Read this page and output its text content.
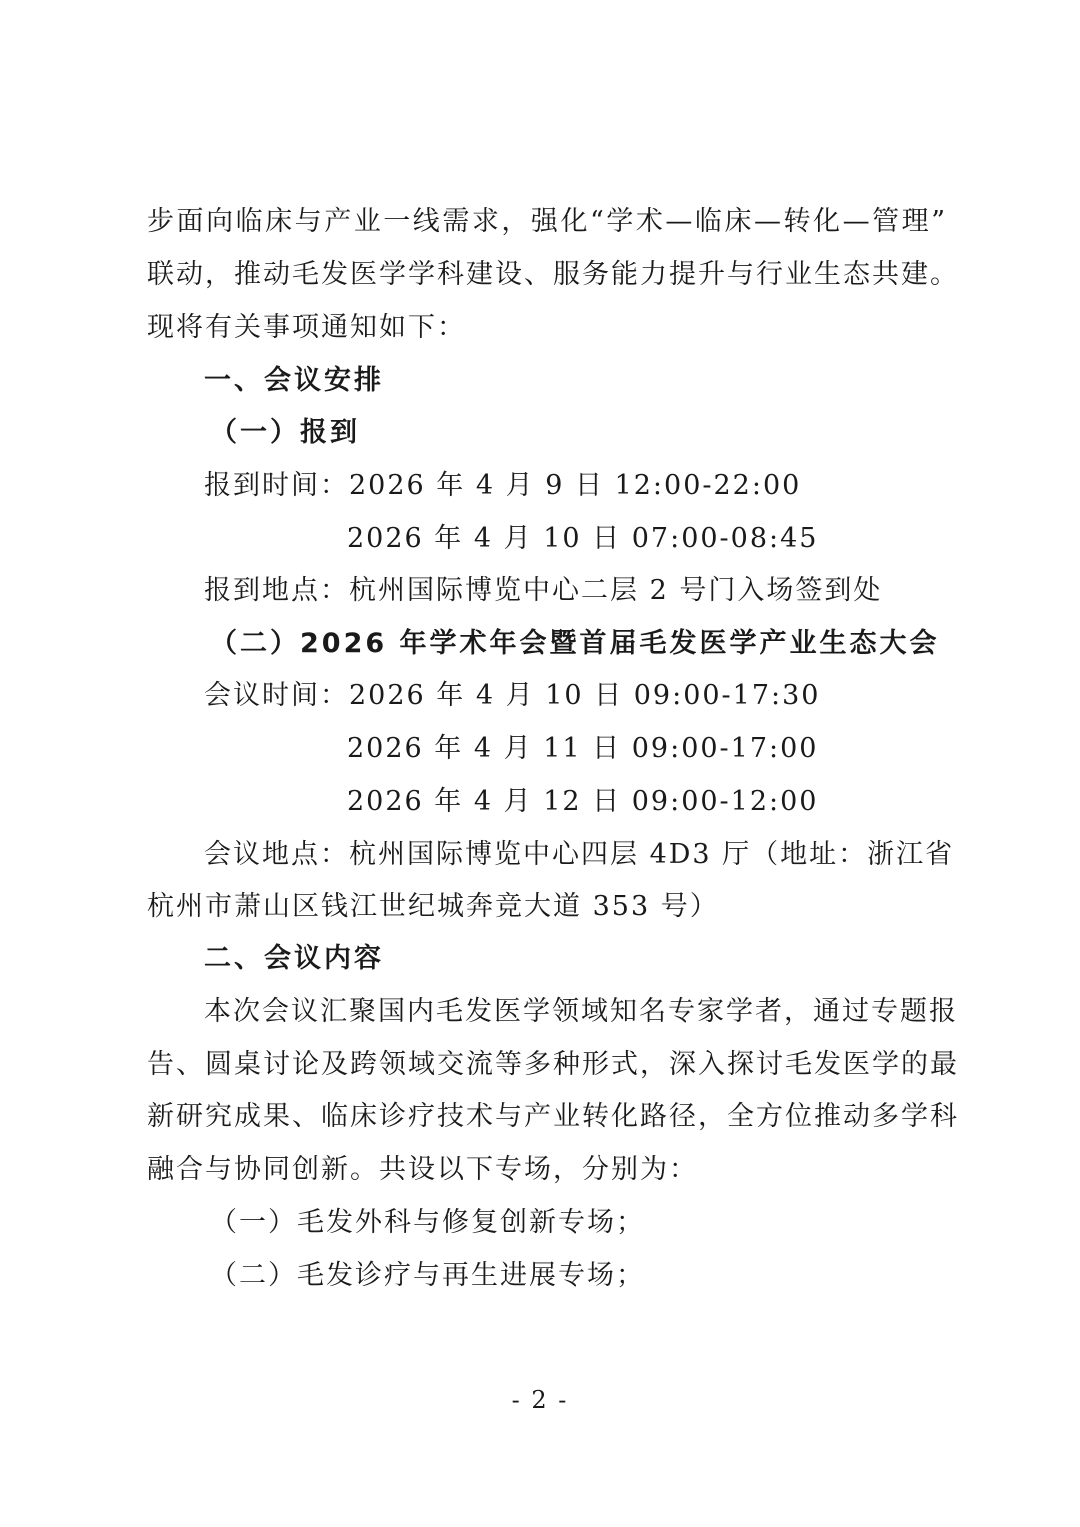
步面向临床与产业一线需求，强化“学术—临床—转化—管理”
联动，推动毛发医学学科建设、服务能力提升与行业生态共建。
现将有关事项通知如下：
一、会议安排
（一）报到
报到时间：2026 年 4 月 9 日 12:00-22:00
2026 年 4 月 10 日 07:00-08:45
报到地点：杭州国际博览中心二层 2 号门入场签到处
（二）2026 年学术年会暨首届毛发医学产业生态大会
会议时间：2026 年 4 月 10 日 09:00-17:30
2026 年 4 月 11 日 09:00-17:00
2026 年 4 月 12 日 09:00-12:00
会议地点：杭州国际博览中心四层 4D3 厅（地址：浙江省
杭州市萧山区钱江世纪城奔竞大道 353 号）
二、会议内容
本次会议汇聚国内毛发医学领域知名专家学者，通过专题报
告、圆桌讨论及跨领域交流等多种形式，深入探讨毛发医学的最
新研究成果、临床诊疗技术与产业转化路径，全方位推动多学科
融合与协同创新。共设以下专场，分别为：
（一）毛发外科与修复创新专场；
（二）毛发诊疗与再生进展专场；
- 2 -
